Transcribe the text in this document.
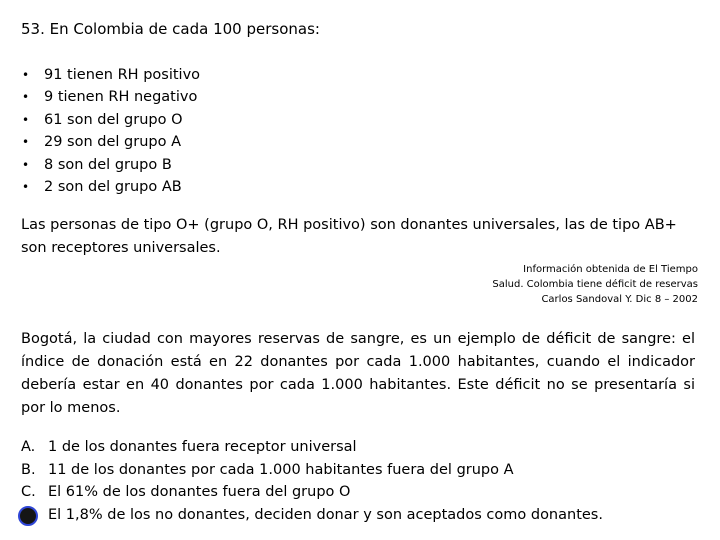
53. En Colombia de cada 100 personas:
• 91 tienen RH positivo
• 9 tienen RH negativo
• 61 son del grupo O
• 29 son del grupo A
• 8 son del grupo B
• 2 son del grupo AB
Las personas de tipo O+ (grupo O, RH positivo) son donantes universales, las de tipo AB+ son receptores universales.
Información obtenida de El Tiempo
Salud. Colombia tiene déficit de reservas
Carlos Sandoval Y. Dic 8 – 2002
Bogotá, la ciudad con mayores reservas de sangre, es un ejemplo de déficit de sangre: el índice de donación está en 22 donantes por cada 1.000 habitantes, cuando el indicador debería estar en 40 donantes por cada 1.000 habitantes. Este déficit no se presentaría si por lo menos.
A. 1 de los donantes fuera receptor universal
B. 11 de los donantes por cada 1.000 habitantes fuera del grupo A
C. El 61% de los donantes fuera del grupo O
El 1,8% de los no donantes, deciden donar y son aceptados como donantes.
